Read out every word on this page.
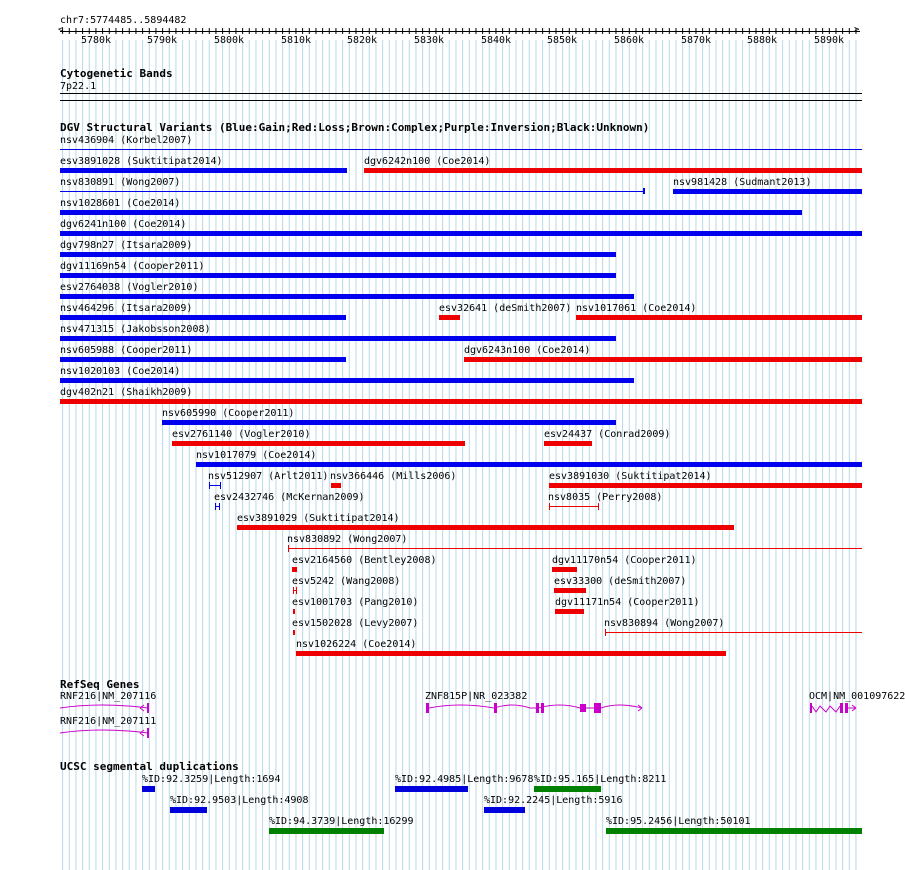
chr7:5774485..5894482
>
<
5780k	5790k	5800k	5810k	5820k	5830k	5840k	5850k	5860k	5870k	5880k	5890k
Cytogenetic Bands
7p22.1
DGV Structural Variants (Blue:Gain;Red:Loss;Brown:Complex;Purple:Inversion;Black:Unknown)
nsv436904 (Korbel2007)
esv3891028 (Suktitipat2014)	dgv6242n100 (Coe2014)
nsv830891 (Wong2007)	nsv981428 (Sudmant2013)
nsv1028601 (Coe2014)
dgv6241n100 (Coe2014)
dgv798n27 (Itsara2009)
dgv11169n54 (Cooper2011)
esv2764038 (Vogler2010)
nsv464296 (Itsara2009)	esv32641 (deSmith2007) nsv1017061 (Coe2014)
nsv471315 (Jakobsson2008)
nsv605988 (Cooper2011)	dgv6243n100 (Coe2014)
nsv1020103 (Coe2014)
dgv402n21 (Shaikh2009)
nsv605990 (Cooper2011)
esv2761140 (Vogler2010)	esv24437 (Conrad2009)
nsv1017079 (Coe2014)
nsv512907 (Arlt2011) nsv366446 (Mills2006)	esv3891030 (Suktitipat2014)
esv2432746 (McKernan2009)	nsv8035 (Perry2008)
esv3891029 (Suktitipat2014)
nsv830892 (Wong2007)
esv2164560 (Bentley2008)	dgv11170n54 (Cooper2011)
esv5242 (Wang2008)	esv33300 (deSmith2007)
esv1001703 (Pang2010)	dgv11171n54 (Cooper2011)
esv1502028 (Levy2007)	nsv830894 (Wong2007)
nsv1026224 (Coe2014)
RefSeq Genes
RNF216|NM_207116
RNF216|NM_207111
ZNF815P|NR_023382	OCM|NM_001097622
UCSC segmental duplications
%ID:92.3259|Length:1694	%ID:92.4985|Length:9678 %ID:95.165|Length:8211
%ID:92.9503|Length:4908	%ID:92.2245|Length:5916
%ID:94.3739|Length:16299	%ID:95.2456|Length:50101
